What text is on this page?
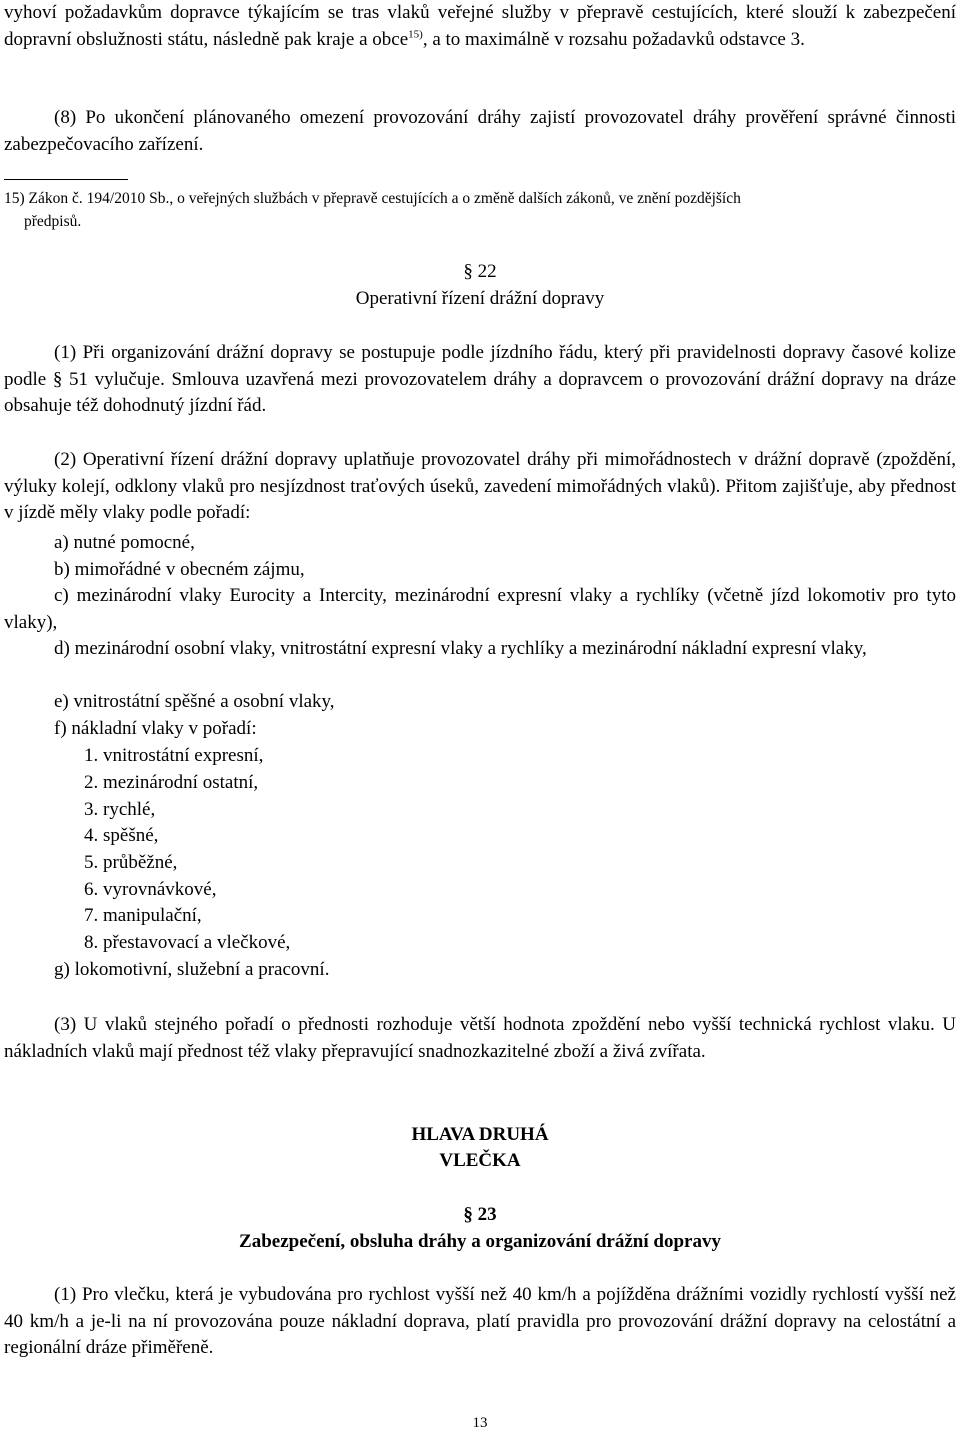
vyhoví požadavkům dopravce týkajícím se tras vlaků veřejné služby v přepravě cestujících, které slouží k zabezpečení dopravní obslužnosti státu, následně pak kraje a obce$^{15)}$, a to maximálně v rozsahu požadavků odstavce 3.

(8) Po ukončení plánovaného omezení provozování dráhy zajistí provozovatel dráhy prověření správné činnosti zabezpečovacího zařízení.

15) Zákon č. 194/2010 Sb., o veřejných službách v přepravě cestujících a o změně dalších zákonů, ve znění pozdějších
předpisů.

§ 22

Operativní řízení drážní dopravy

(1) Při organizování drážní dopravy se postupuje podle jízdního řádu, který při pravidelnosti dopravy časové kolize podle § 51 vylučuje. Smlouva uzavřená mezi provozovatelem dráhy a dopravcem o provozování drážní dopravy na dráze obsahuje též dohodnutý jízdní řád.

(2) Operativní řízení drážní dopravy uplatňuje provozovatel dráhy při mimořádnostech v drážní dopravě (zpoždění, výluky kolejí, odklony vlaků pro nesjízdnost traťových úseků, zavedení mimořádných vlaků). Přitom zajišťuje, aby přednost v jízdě měly vlaky podle pořadí:

a) nutné pomocné,

b) mimořádné v obecném zájmu,

c) mezinárodní vlaky Eurocity a Intercity, mezinárodní expresní vlaky a rychlíky (včetně jízd lokomotiv pro tyto vlaky),

d) mezinárodní osobní vlaky, vnitrostátní expresní vlaky a rychlíky a mezinárodní nákladní expresní vlaky,

e) vnitrostátní spěšné a osobní vlaky,

f) nákladní vlaky v pořadí:

1. vnitrostátní expresní,

2. mezinárodní ostatní,

3. rychlé,

4. spěšné,

5. průběžné,

6. vyrovnávkové,

7. manipulační,

8. přestavovací a vlečkové,

g) lokomotivní, služební a pracovní.

(3) U vlaků stejného pořadí o přednosti rozhoduje větší hodnota zpoždění nebo vyšší technická rychlost vlaku. U nákladních vlaků mají přednost též vlaky přepravující snadnozkazitelné zboží a živá zvířata.

HLAVA DRUHÁ

VLEČKA

§ 23

Zabezpečení, obsluha dráhy a organizování drážní dopravy

(1) Pro vlečku, která je vybudována pro rychlost vyšší než 40 km/h a pojížděna drážními vozidly rychlostí vyšší než 40 km/h a je-li na ní provozována pouze nákladní doprava, platí pravidla pro provozování drážní dopravy na celostátní a regionální dráze přiměřeně.

13
